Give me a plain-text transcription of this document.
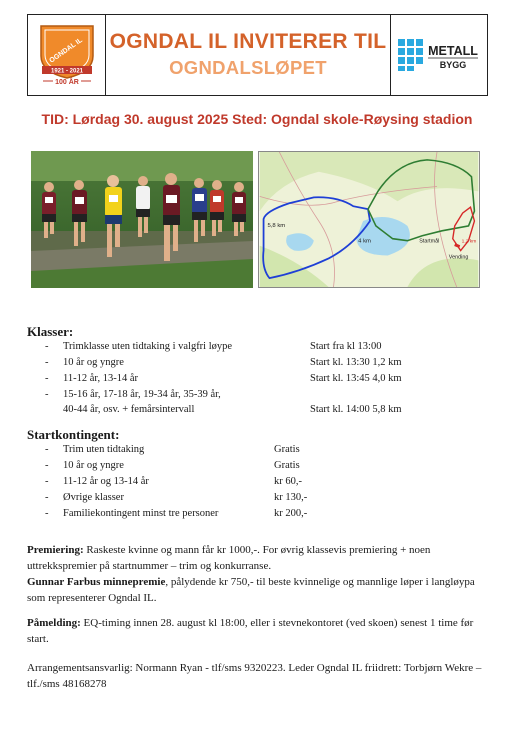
OGNDAL IL
1921 - 2021
100 ÅR
OGNDAL IL INVITERER TIL
OGNDALSLØPET
METALL
BYGG
TID: Lørdag 30. august 2025 Sted: Ogndal skole-Røysing stadion
5,8 km
4 km	1,2 km
Startmål
Vending
Klasser:
- Trimklasse uten tidtaking i valgfri løype	Start fra kl 13:00
- 10 år og yngre	Start kl. 13:30 1,2 km
- 11-12 år, 13-14 år	Start kl. 13:45 4,0 km
- 15-16 år, 17-18 år, 19-34 år, 35-39 år,
40-44 år, osv. + femårsintervall	Start kl. 14:00 5,8 km
Startkontingent:
- Trim uten tidtaking	Gratis
- 10 år og yngre	Gratis
- 11-12 år og 13-14 år	kr 60,-
- Øvrige klasser	kr 130,-
- Familiekontingent minst tre personer	kr 200,-
Premiering: Raskeste kvinne og mann får kr 1000,-. For øvrig klassevis premiering + noen uttrekkspremier på startnummer – trim og konkurranse.
Gunnar Farbus minnepremie, pålydende kr 750,- til beste kvinnelige og mannlige løper i langløypa som representerer Ogndal IL.
Påmelding: EQ-timing innen 28. august kl 18:00, eller i stevnekontoret (ved skoen) senest 1 time før start.
Arrangementsansvarlig: Normann Ryan - tlf/sms 9320223. Leder Ogndal IL friidrett: Torbjørn Wekre – tlf./sms 48168278
